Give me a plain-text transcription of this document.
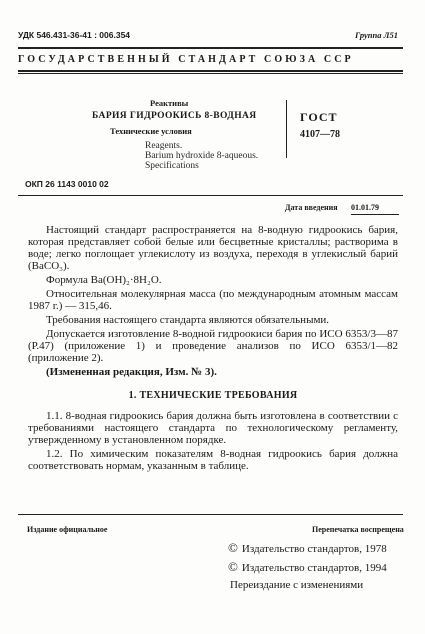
УДК 546.431-36-41 : 006.354	Группа Л51
ГОСУДАРСТВЕННЫЙ СТАНДАРТ СОЮЗА ССР
Реактивы
БАРИЯ ГИДРООКИСЬ 8-ВОДНАЯ
Технические условия
Reagents.
Barium hydroxide 8-aqueous.
Specifications
ГОСТ
4107—78
ОКП 26 1143 0010 02
Дата введения 01.01.79

Настоящий стандарт распространяется на 8-водную гидроокись бария, которая представляет собой белые или бесцветные кристаллы; растворима в воде; легко поглощает углекислоту из воздуха, переходя в углекислый барий (BaCO₃).

Формула Ba(OH)₂·8H₂O.

Относительная молекулярная масса (по международным атомным массам 1987 г.) — 315,46.

Требования настоящего стандарта являются обязательными.

Допускается изготовление 8-водной гидроокиси бария по ИСО 6353/3—87 (Р.47) (приложение 1) и проведение анализов по ИСО 6353/1—82 (приложение 2).

(Измененная редакция, Изм. № 3).

1. ТЕХНИЧЕСКИЕ ТРЕБОВАНИЯ

1.1. 8-водная гидроокись бария должна быть изготовлена в соответствии с требованиями настоящего стандарта по технологическому регламенту, утвержденному в установленном порядке.

1.2. По химическим показателям 8-водная гидроокись бария должна соответствовать нормам, указанным в таблице.

Издание официальное	Перепечатка воспрещена
© Издательство стандартов, 1978
© Издательство стандартов, 1994
Переиздание с изменениями
